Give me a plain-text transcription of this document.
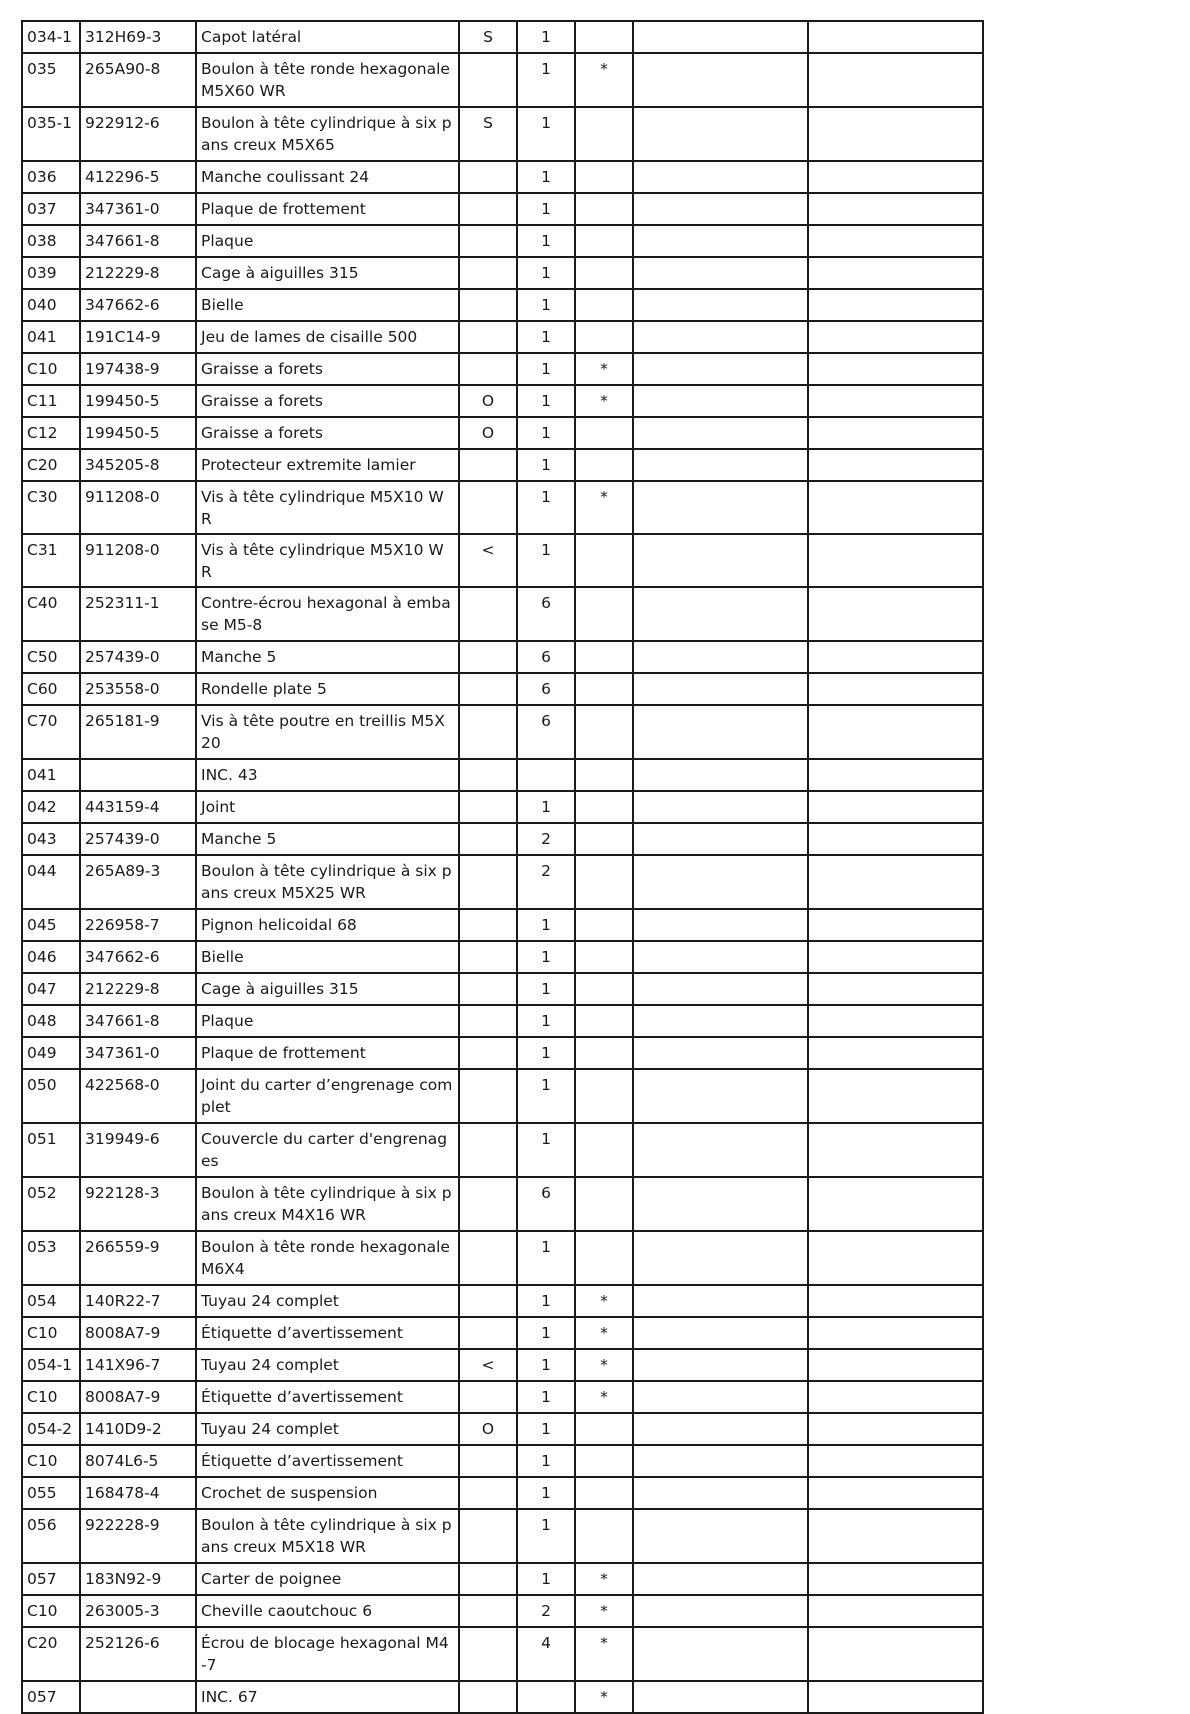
034-1	312H69-3	Capot latéral	S	1			
035	265A90-8	Boulon à tête ronde hexagonale M5X60 WR		1	*		
035-1	922912-6	Boulon à tête cylindrique à six pans creux M5X65	S	1			
036	412296-5	Manche coulissant 24		1			
037	347361-0	Plaque de frottement		1			
038	347661-8	Plaque		1			
039	212229-8	Cage à aiguilles 315		1			
040	347662-6	Bielle		1			
041	191C14-9	Jeu de lames de cisaille 500		1			
C10	197438-9	Graisse a forets		1	*		
C11	199450-5	Graisse a forets	O	1	*		
C12	199450-5	Graisse a forets	O	1			
C20	345205-8	Protecteur extremite lamier		1			
C30	911208-0	Vis à tête cylindrique M5X10 WR		1	*		
C31	911208-0	Vis à tête cylindrique M5X10 WR	<	1			
C40	252311-1	Contre-écrou hexagonal à embase M5-8		6			
C50	257439-0	Manche 5		6			
C60	253558-0	Rondelle plate 5		6			
C70	265181-9	Vis à tête poutre en treillis M5X20		6			
041		INC. 43					
042	443159-4	Joint		1			
043	257439-0	Manche 5		2			
044	265A89-3	Boulon à tête cylindrique à six pans creux M5X25 WR		2			
045	226958-7	Pignon helicoidal 68		1			
046	347662-6	Bielle		1			
047	212229-8	Cage à aiguilles 315		1			
048	347661-8	Plaque		1			
049	347361-0	Plaque de frottement		1			
050	422568-0	Joint du carter d’engrenage complet		1			
051	319949-6	Couvercle du carter d'engrenages		1			
052	922128-3	Boulon à tête cylindrique à six pans creux M4X16 WR		6			
053	266559-9	Boulon à tête ronde hexagonale M6X4		1			
054	140R22-7	Tuyau 24 complet		1	*		
C10	8008A7-9	Étiquette d’avertissement		1	*		
054-1	141X96-7	Tuyau 24 complet	<	1	*		
C10	8008A7-9	Étiquette d’avertissement		1	*		
054-2	1410D9-2	Tuyau 24 complet	O	1			
C10	8074L6-5	Étiquette d’avertissement		1			
055	168478-4	Crochet de suspension		1			
056	922228-9	Boulon à tête cylindrique à six pans creux M5X18 WR		1			
057	183N92-9	Carter de poignee		1	*		
C10	263005-3	Cheville caoutchouc 6		2	*		
C20	252126-6	Écrou de blocage hexagonal M4-7		4	*		
057		INC. 67			*		
